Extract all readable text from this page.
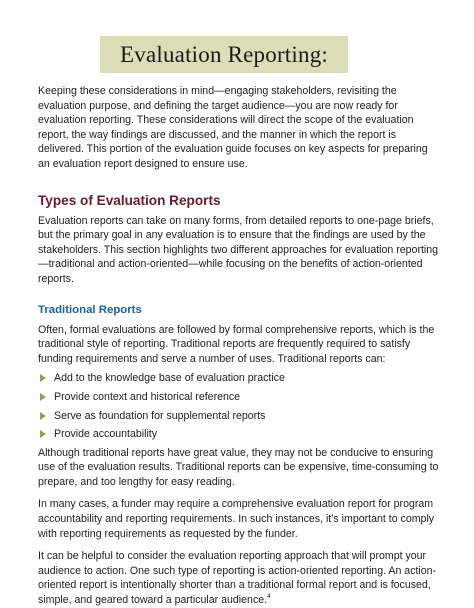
Evaluation Reporting:

Keeping these considerations in mind—engaging stakeholders, revisiting the evaluation purpose, and defining the target audience—you are now ready for evaluation reporting. These considerations will direct the scope of the evaluation report, the way findings are discussed, and the manner in which the report is delivered. This portion of the evaluation guide focuses on key aspects for preparing an evaluation report designed to ensure use.

Types of Evaluation Reports

Evaluation reports can take on many forms, from detailed reports to one-page briefs, but the primary goal in any evaluation is to ensure that the findings are used by the stakeholders. This section highlights two different approaches for evaluation reporting—traditional and action-oriented—while focusing on the benefits of action-oriented reports.

Traditional Reports

Often, formal evaluations are followed by formal comprehensive reports, which is the traditional style of reporting. Traditional reports are frequently required to satisfy funding requirements and serve a number of uses. Traditional reports can:

Add to the knowledge base of evaluation practice
Provide context and historical reference
Serve as foundation for supplemental reports
Provide accountability

Although traditional reports have great value, they may not be conducive to ensuring use of the evaluation results. Traditional reports can be expensive, time-consuming to prepare, and too lengthy for easy reading.

In many cases, a funder may require a comprehensive evaluation report for program accountability and reporting requirements. In such instances, it’s important to comply with reporting requirements as requested by the funder.

It can be helpful to consider the evaluation reporting approach that will prompt your audience to action. One such type of reporting is action-oriented reporting. An action-oriented report is intentionally shorter than a traditional formal report and is focused, simple, and geared toward a particular audience.$^4$
